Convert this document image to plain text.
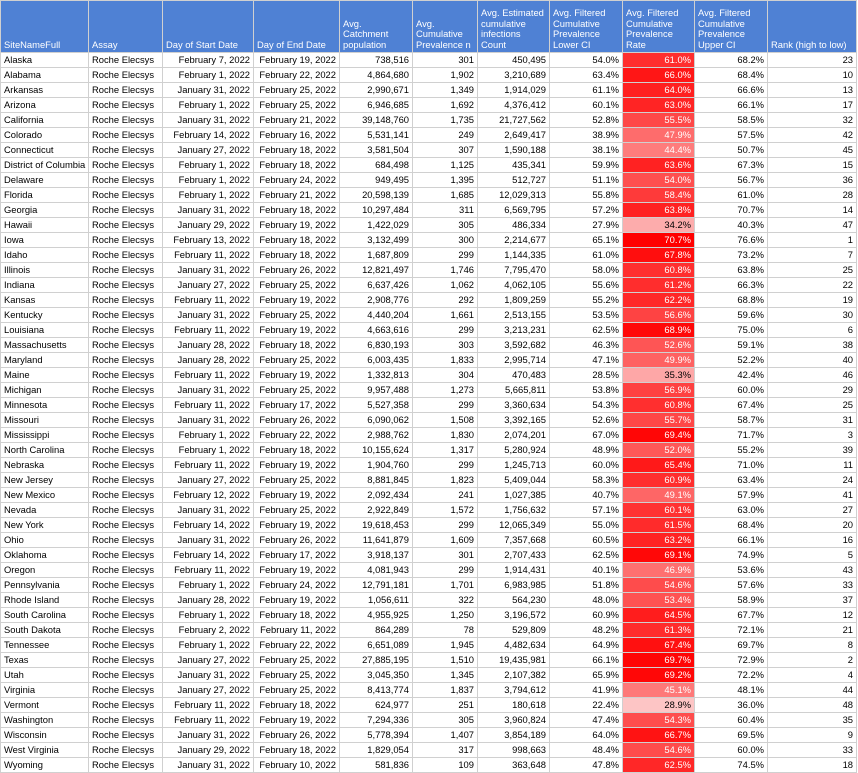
SiteNameFull	Assay	Day of Start Date	Day of End Date	Avg. Catchment population	Avg. Cumulative Prevalence n	Avg. Estimated cumulative infections Count	Avg. Filtered Cumulative Prevalence Lower CI	Avg. Filtered Cumulative Prevalence Rate	Avg. Filtered Cumulative Prevalence Upper CI	Rank (high to low)
Alaska	Roche Elecsys	February 7, 2022	February 19, 2022	738,516	301	450,495	54.0%	61.0%	68.2%	23
Alabama	Roche Elecsys	February 1, 2022	February 22, 2022	4,864,680	1,902	3,210,689	63.4%	66.0%	68.4%	10
Arkansas	Roche Elecsys	January 31, 2022	February 25, 2022	2,990,671	1,349	1,914,029	61.1%	64.0%	66.6%	13
Arizona	Roche Elecsys	February 1, 2022	February 25, 2022	6,946,685	1,692	4,376,412	60.1%	63.0%	66.1%	17
California	Roche Elecsys	January 31, 2022	February 21, 2022	39,148,760	1,735	21,727,562	52.8%	55.5%	58.5%	32
Colorado	Roche Elecsys	February 14, 2022	February 16, 2022	5,531,141	249	2,649,417	38.9%	47.9%	57.5%	42
Connecticut	Roche Elecsys	January 27, 2022	February 18, 2022	3,581,504	307	1,590,188	38.1%	44.4%	50.7%	45
District of Columbia	Roche Elecsys	February 1, 2022	February 18, 2022	684,498	1,125	435,341	59.9%	63.6%	67.3%	15
Delaware	Roche Elecsys	February 1, 2022	February 24, 2022	949,495	1,395	512,727	51.1%	54.0%	56.7%	36
Florida	Roche Elecsys	February 1, 2022	February 21, 2022	20,598,139	1,685	12,029,313	55.8%	58.4%	61.0%	28
Georgia	Roche Elecsys	January 31, 2022	February 18, 2022	10,297,484	311	6,569,795	57.2%	63.8%	70.7%	14
Hawaii	Roche Elecsys	January 29, 2022	February 19, 2022	1,422,029	305	486,334	27.9%	34.2%	40.3%	47
Iowa	Roche Elecsys	February 13, 2022	February 18, 2022	3,132,499	300	2,214,677	65.1%	70.7%	76.6%	1
Idaho	Roche Elecsys	February 11, 2022	February 18, 2022	1,687,809	299	1,144,335	61.0%	67.8%	73.2%	7
Illinois	Roche Elecsys	January 31, 2022	February 26, 2022	12,821,497	1,746	7,795,470	58.0%	60.8%	63.8%	25
Indiana	Roche Elecsys	January 27, 2022	February 25, 2022	6,637,426	1,062	4,062,105	55.6%	61.2%	66.3%	22
Kansas	Roche Elecsys	February 11, 2022	February 19, 2022	2,908,776	292	1,809,259	55.2%	62.2%	68.8%	19
Kentucky	Roche Elecsys	January 31, 2022	February 25, 2022	4,440,204	1,661	2,513,155	53.5%	56.6%	59.6%	30
Louisiana	Roche Elecsys	February 11, 2022	February 19, 2022	4,663,616	299	3,213,231	62.5%	68.9%	75.0%	6
Massachusetts	Roche Elecsys	January 28, 2022	February 18, 2022	6,830,193	303	3,592,682	46.3%	52.6%	59.1%	38
Maryland	Roche Elecsys	January 28, 2022	February 25, 2022	6,003,435	1,833	2,995,714	47.1%	49.9%	52.2%	40
Maine	Roche Elecsys	February 11, 2022	February 19, 2022	1,332,813	304	470,483	28.5%	35.3%	42.4%	46
Michigan	Roche Elecsys	January 31, 2022	February 25, 2022	9,957,488	1,273	5,665,811	53.8%	56.9%	60.0%	29
Minnesota	Roche Elecsys	February 11, 2022	February 17, 2022	5,527,358	299	3,360,634	54.3%	60.8%	67.4%	25
Missouri	Roche Elecsys	January 31, 2022	February 26, 2022	6,090,062	1,508	3,392,165	52.6%	55.7%	58.7%	31
Mississippi	Roche Elecsys	February 1, 2022	February 22, 2022	2,988,762	1,830	2,074,201	67.0%	69.4%	71.7%	3
North Carolina	Roche Elecsys	February 1, 2022	February 18, 2022	10,155,624	1,317	5,280,924	48.9%	52.0%	55.2%	39
Nebraska	Roche Elecsys	February 11, 2022	February 19, 2022	1,904,760	299	1,245,713	60.0%	65.4%	71.0%	11
New Jersey	Roche Elecsys	January 27, 2022	February 25, 2022	8,881,845	1,823	5,409,044	58.3%	60.9%	63.4%	24
New Mexico	Roche Elecsys	February 12, 2022	February 19, 2022	2,092,434	241	1,027,385	40.7%	49.1%	57.9%	41
Nevada	Roche Elecsys	January 31, 2022	February 25, 2022	2,922,849	1,572	1,756,632	57.1%	60.1%	63.0%	27
New York	Roche Elecsys	February 14, 2022	February 19, 2022	19,618,453	299	12,065,349	55.0%	61.5%	68.4%	20
Ohio	Roche Elecsys	January 31, 2022	February 26, 2022	11,641,879	1,609	7,357,668	60.5%	63.2%	66.1%	16
Oklahoma	Roche Elecsys	February 14, 2022	February 17, 2022	3,918,137	301	2,707,433	62.5%	69.1%	74.9%	5
Oregon	Roche Elecsys	February 11, 2022	February 19, 2022	4,081,943	299	1,914,431	40.1%	46.9%	53.6%	43
Pennsylvania	Roche Elecsys	February 1, 2022	February 24, 2022	12,791,181	1,701	6,983,985	51.8%	54.6%	57.6%	33
Rhode Island	Roche Elecsys	January 28, 2022	February 19, 2022	1,056,611	322	564,230	48.0%	53.4%	58.9%	37
South Carolina	Roche Elecsys	February 1, 2022	February 18, 2022	4,955,925	1,250	3,196,572	60.9%	64.5%	67.7%	12
South Dakota	Roche Elecsys	February 2, 2022	February 11, 2022	864,289	78	529,809	48.2%	61.3%	72.1%	21
Tennessee	Roche Elecsys	February 1, 2022	February 22, 2022	6,651,089	1,945	4,482,634	64.9%	67.4%	69.7%	8
Texas	Roche Elecsys	January 27, 2022	February 25, 2022	27,885,195	1,510	19,435,981	66.1%	69.7%	72.9%	2
Utah	Roche Elecsys	January 31, 2022	February 25, 2022	3,045,350	1,345	2,107,382	65.9%	69.2%	72.2%	4
Virginia	Roche Elecsys	January 27, 2022	February 25, 2022	8,413,774	1,837	3,794,612	41.9%	45.1%	48.1%	44
Vermont	Roche Elecsys	February 11, 2022	February 18, 2022	624,977	251	180,618	22.4%	28.9%	36.0%	48
Washington	Roche Elecsys	February 11, 2022	February 19, 2022	7,294,336	305	3,960,824	47.4%	54.3%	60.4%	35
Wisconsin	Roche Elecsys	January 31, 2022	February 26, 2022	5,778,394	1,407	3,854,189	64.0%	66.7%	69.5%	9
West Virginia	Roche Elecsys	January 29, 2022	February 18, 2022	1,829,054	317	998,663	48.4%	54.6%	60.0%	33
Wyoming	Roche Elecsys	January 31, 2022	February 10, 2022	581,836	109	363,648	47.8%	62.5%	74.5%	18
